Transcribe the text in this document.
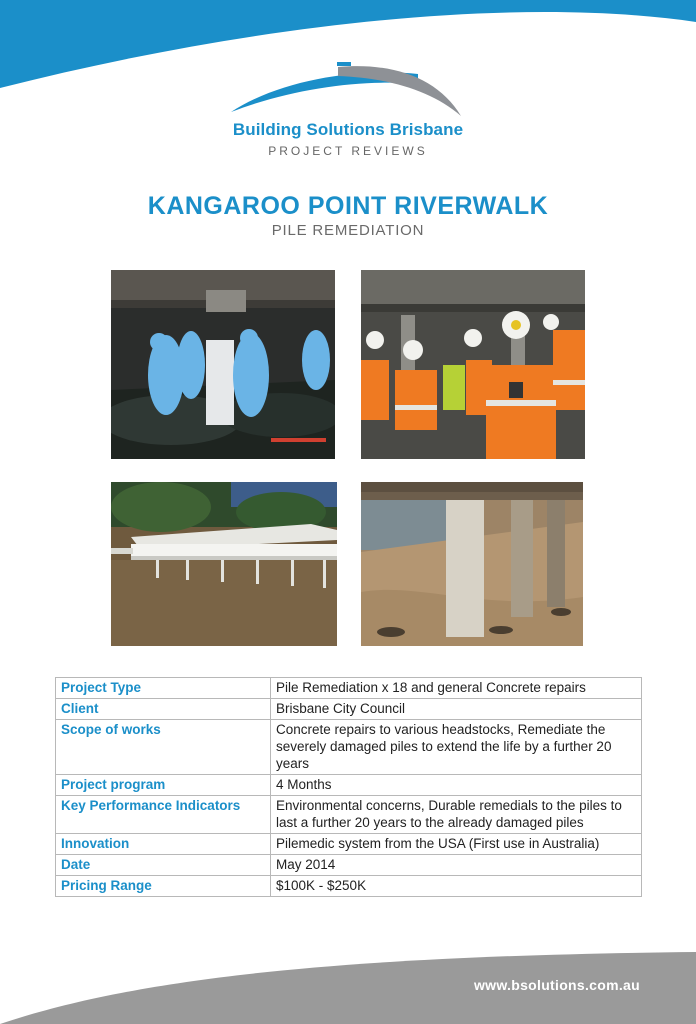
Building Solutions Brisbane
PROJECT REVIEWS
KANGAROO POINT RIVERWALK
PILE REMEDIATION
Project Type	Pile Remediation x 18 and general Concrete repairs
Client	Brisbane City Council
Scope of works	Concrete repairs to various headstocks, Remediate the severely damaged piles to extend the life by a further 20 years
Project program	4 Months
Key Performance Indicators	Environmental concerns, Durable remedials to the piles to last a further 20 years to the already damaged piles
Innovation	Pilemedic system from the USA (First use in Australia)
Date	May 2014
Pricing Range	$100K - $250K
www.bsolutions.com.au
